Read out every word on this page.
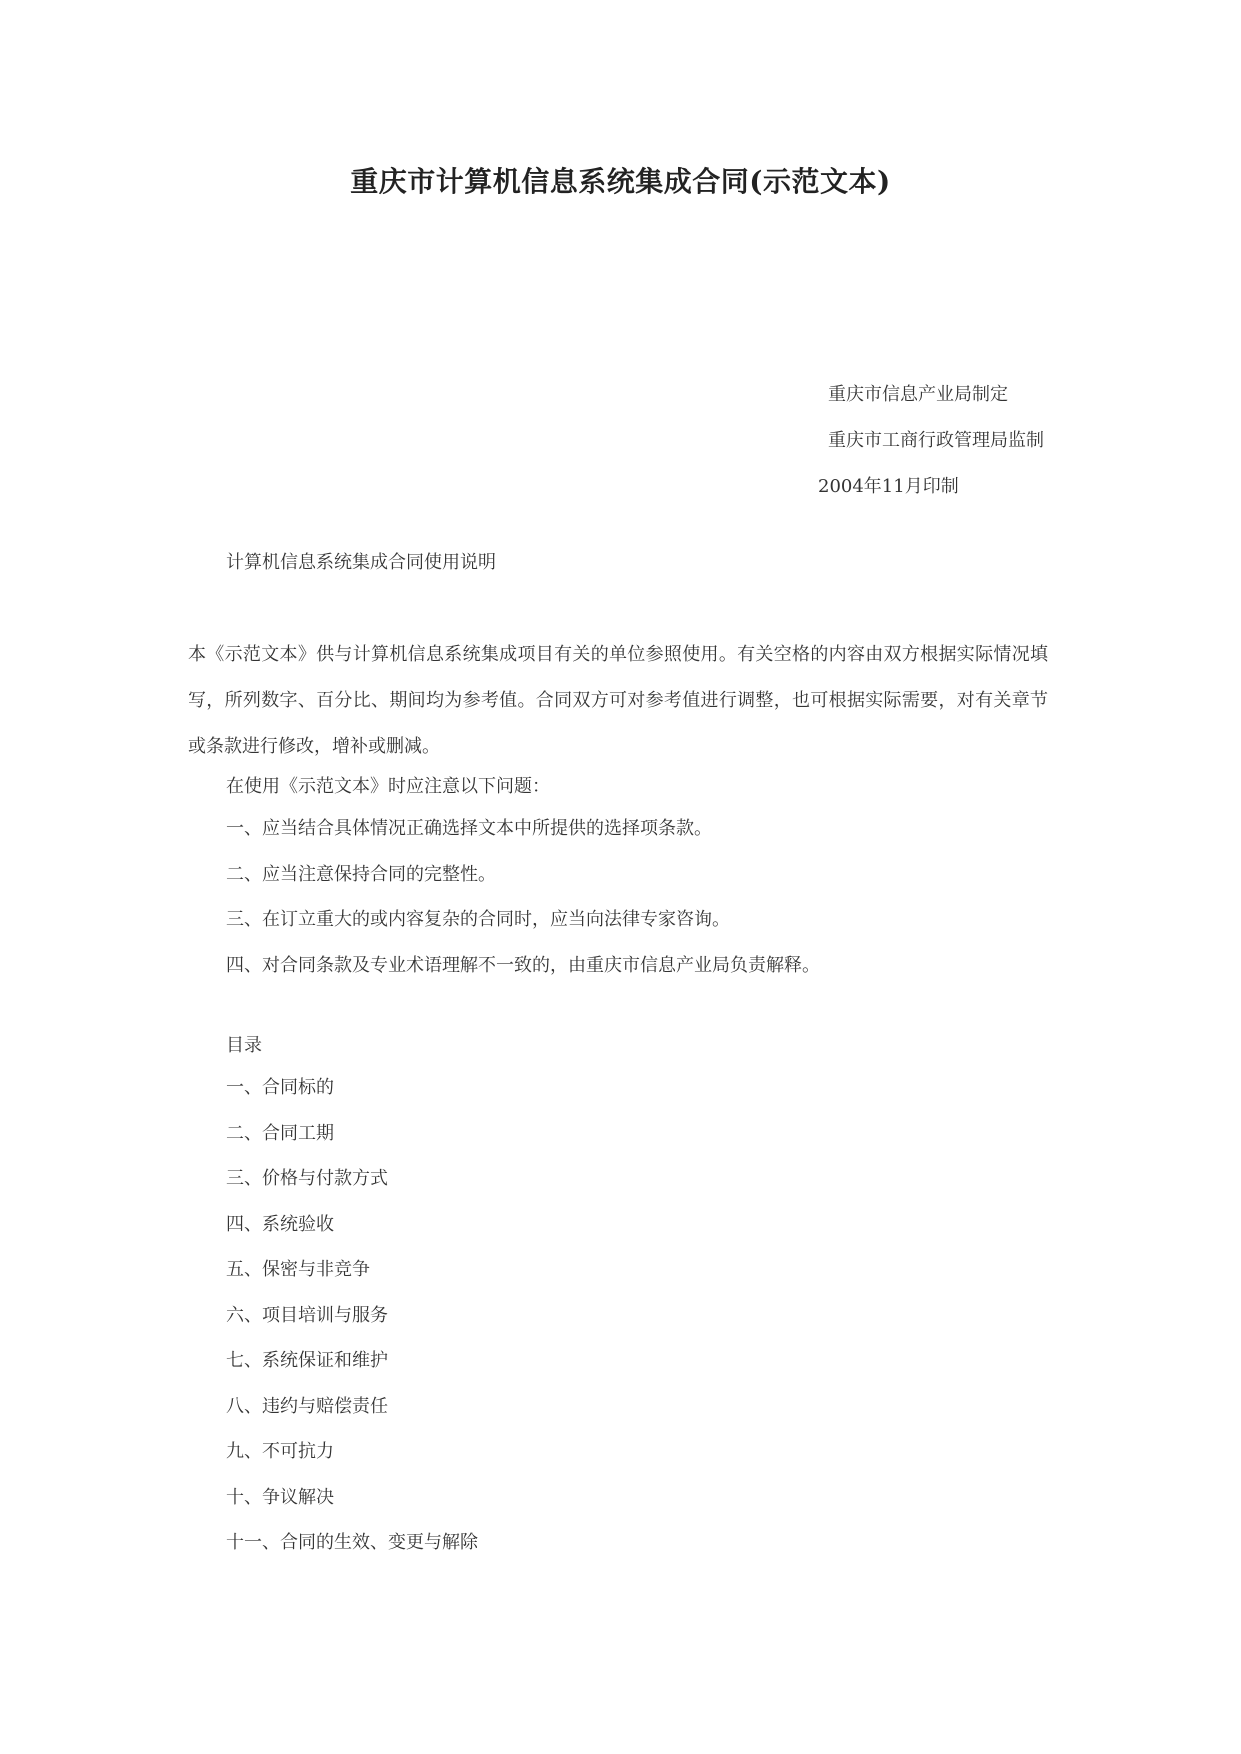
重庆市计算机信息系统集成合同(示范文本)
重庆市信息产业局制定
重庆市工商行政管理局监制
2004年11月印制
计算机信息系统集成合同使用说明
本《示范文本》供与计算机信息系统集成项目有关的单位参照使用。有关空格的内容由双方根据实际情况填写，所列数字、百分比、期间均为参考值。合同双方可对参考值进行调整，也可根据实际需要，对有关章节或条款进行修改，增补或删减。
在使用《示范文本》时应注意以下问题：
一、应当结合具体情况正确选择文本中所提供的选择项条款。
二、应当注意保持合同的完整性。
三、在订立重大的或内容复杂的合同时，应当向法律专家咨询。
四、对合同条款及专业术语理解不一致的，由重庆市信息产业局负责解释。
目录
一、合同标的
二、合同工期
三、价格与付款方式
四、系统验收
五、保密与非竞争
六、项目培训与服务
七、系统保证和维护
八、违约与赔偿责任
九、不可抗力
十、争议解决
十一、合同的生效、变更与解除
